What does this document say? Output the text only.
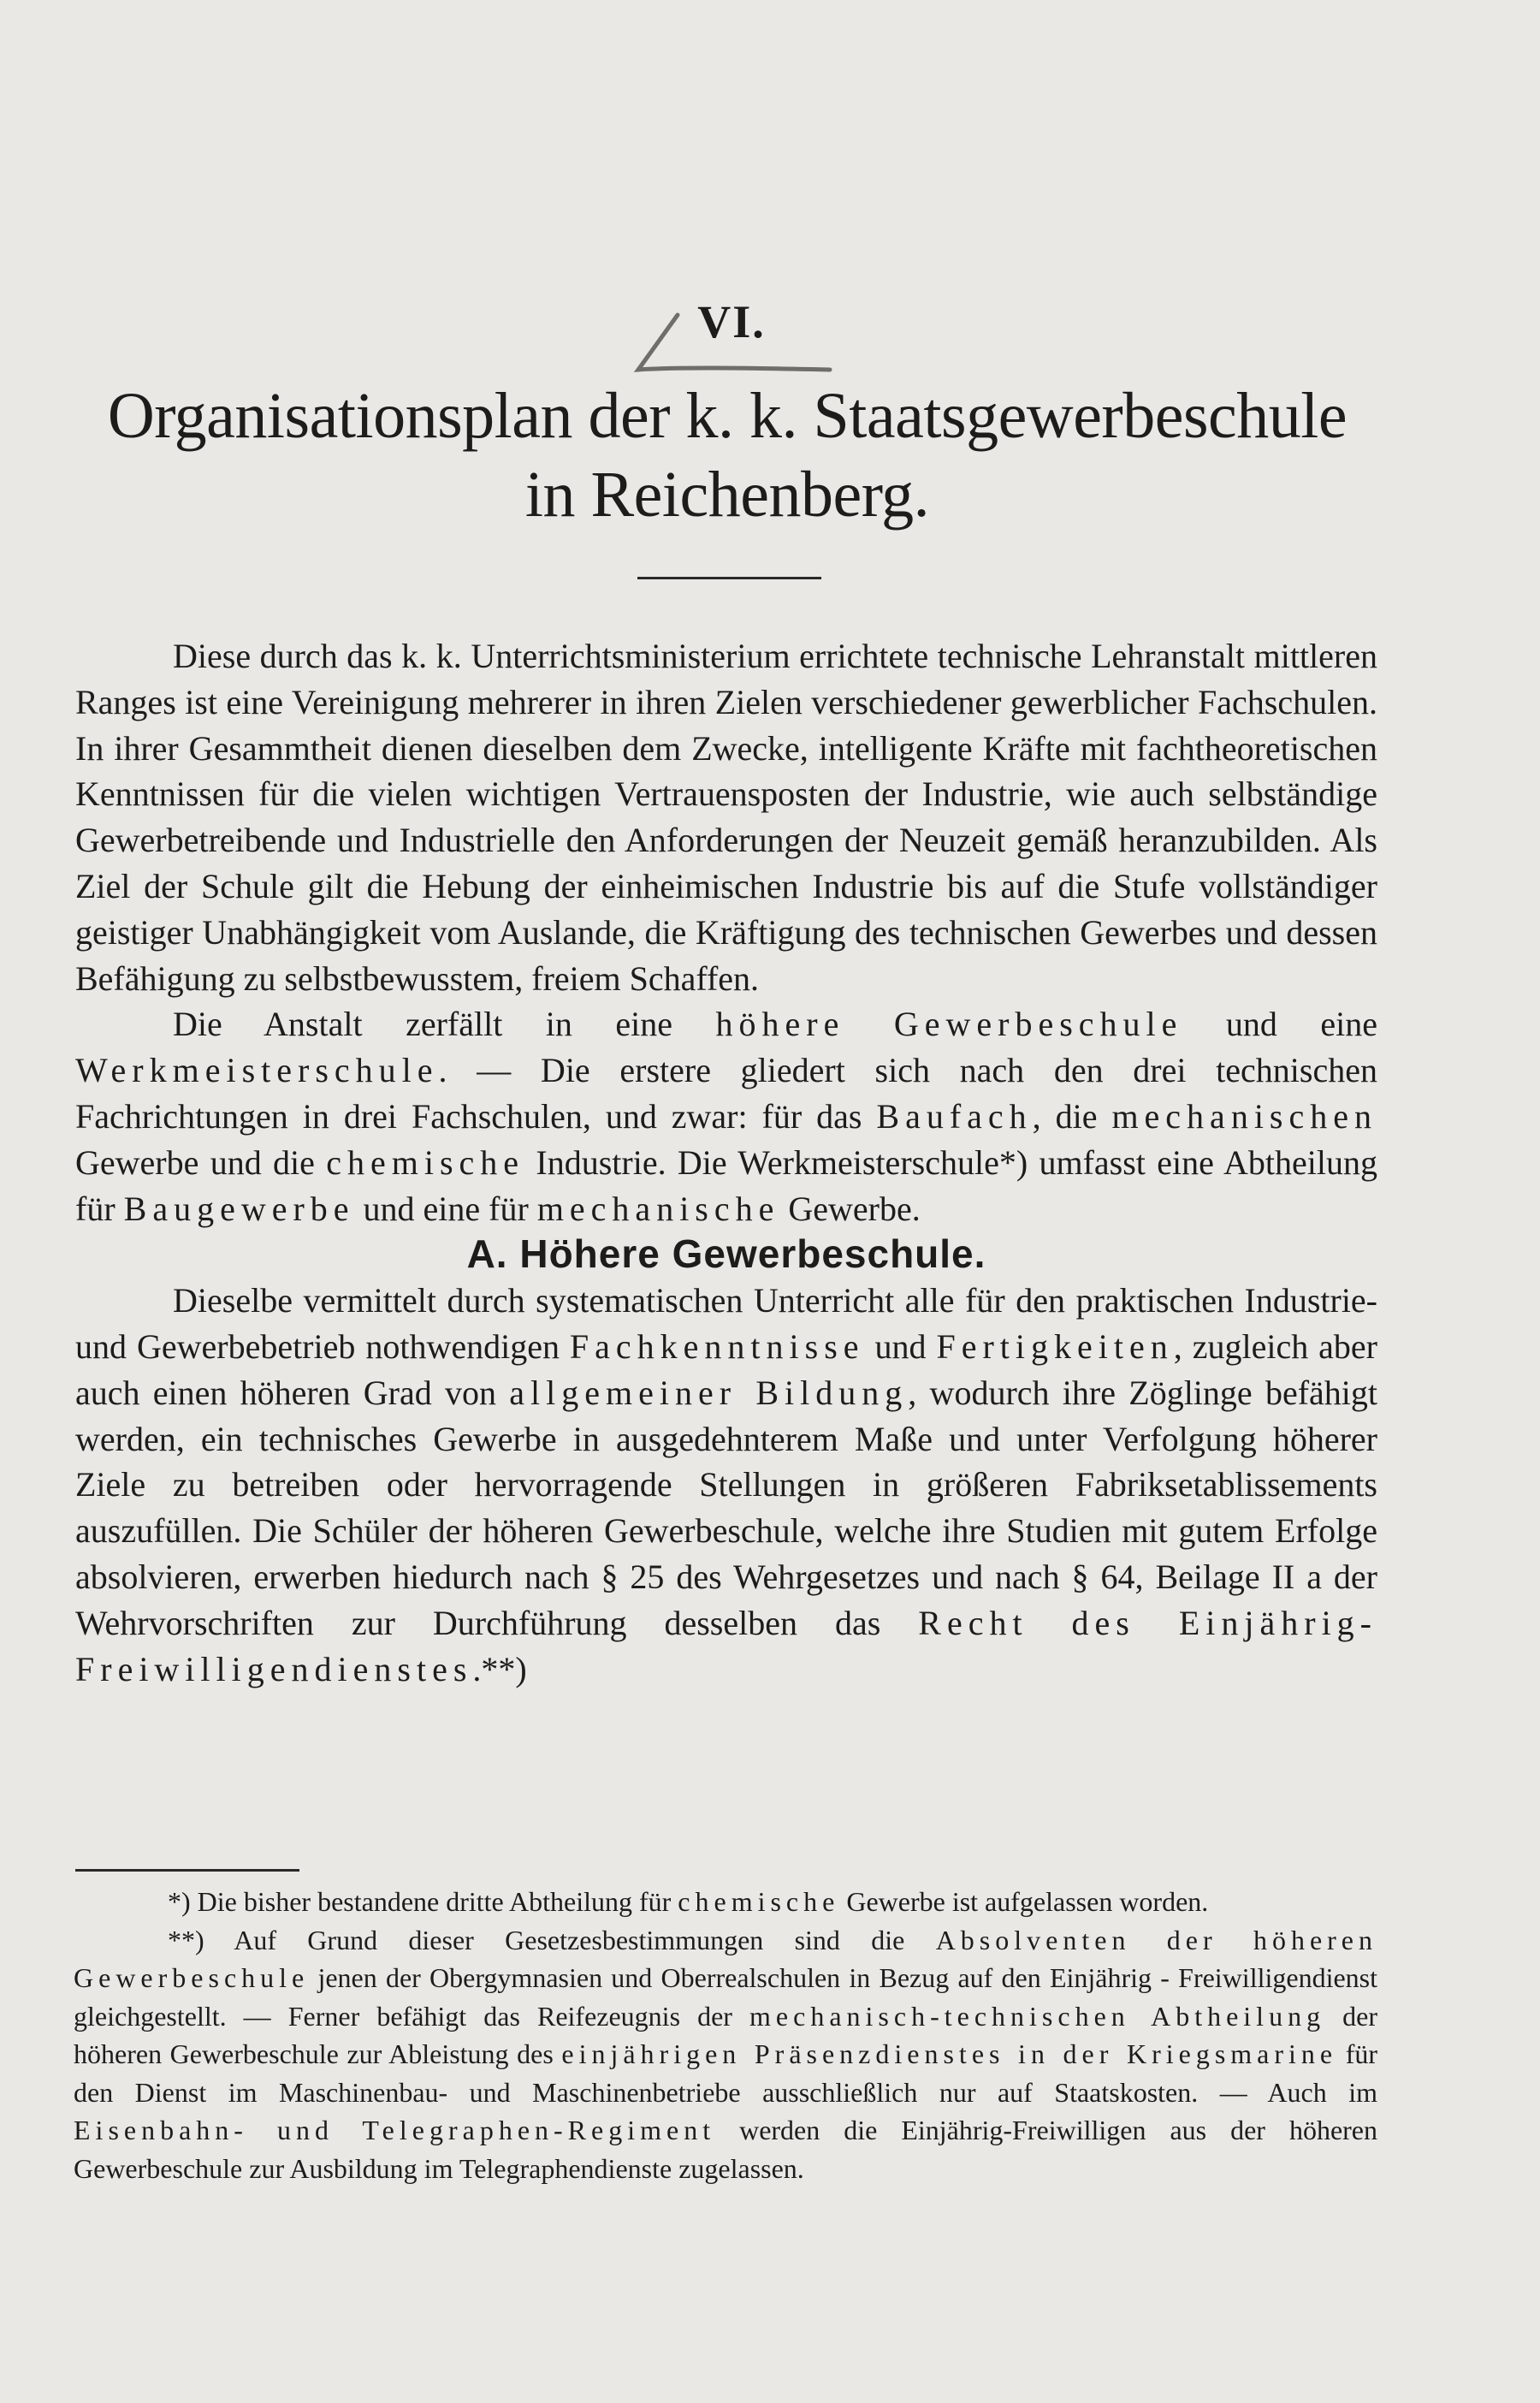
VI.
Organisationsplan der k. k. Staatsgewerbeschule
in Reichenberg.

Diese durch das k. k. Unterrichtsministerium errichtete technische Lehranstalt mittleren Ranges ist eine Vereinigung mehrerer in ihren Zielen verschiedener gewerblicher Fachschulen. In ihrer Gesammtheit dienen dieselben dem Zwecke, intelligente Kräfte mit fachtheoretischen Kenntnissen für die vielen wichtigen Vertrauensposten der Industrie, wie auch selbständige Gewerbetreibende und Industrielle den Anforderungen der Neuzeit gemäß heranzubilden. Als Ziel der Schule gilt die Hebung der einheimischen Industrie bis auf die Stufe vollständiger geistiger Unabhängigkeit vom Auslande, die Kräftigung des technischen Gewerbes und dessen Befähigung zu selbstbewusstem, freiem Schaffen.

Die Anstalt zerfällt in eine höhere Gewerbeschule und eine Werkmeisterschule. — Die erstere gliedert sich nach den drei technischen Fachrichtungen in drei Fachschulen, und zwar: für das Baufach, die mechanischen Gewerbe und die chemische Industrie. Die Werkmeisterschule*) umfasst eine Abtheilung für Baugewerbe und eine für mechanische Gewerbe.

A. Höhere Gewerbeschule.

Dieselbe vermittelt durch systematischen Unterricht alle für den praktischen Industrie- und Gewerbebetrieb nothwendigen Fachkenntnisse und Fertigkeiten, zugleich aber auch einen höheren Grad von allgemeiner Bildung, wodurch ihre Zöglinge befähigt werden, ein technisches Gewerbe in ausgedehnterem Maße und unter Verfolgung höherer Ziele zu betreiben oder hervorragende Stellungen in größeren Fabriksetablissements auszufüllen. Die Schüler der höheren Gewerbeschule, welche ihre Studien mit gutem Erfolge absolvieren, erwerben hiedurch nach § 25 des Wehrgesetzes und nach § 64, Beilage II a der Wehrvorschriften zur Durchführung desselben das Recht des Einjährig-Freiwilligendienstes.**)

*) Die bisher bestandene dritte Abtheilung für chemische Gewerbe ist aufgelassen worden.

**) Auf Grund dieser Gesetzesbestimmungen sind die Absolventen der höheren Gewerbeschule jenen der Obergymnasien und Oberrealschulen in Bezug auf den Einjährig - Freiwilligendienst gleichgestellt. — Ferner befähigt das Reifezeugnis der mechanisch-technischen Abtheilung der höheren Gewerbeschule zur Ableistung des einjährigen Präsenzdienstes in der Kriegsmarine für den Dienst im Maschinenbau- und Maschinenbetriebe ausschließlich nur auf Staatskosten. — Auch im Eisenbahn- und Telegraphen-Regiment werden die Einjährig-Freiwilligen aus der höheren Gewerbeschule zur Ausbildung im Telegraphendienste zugelassen.
